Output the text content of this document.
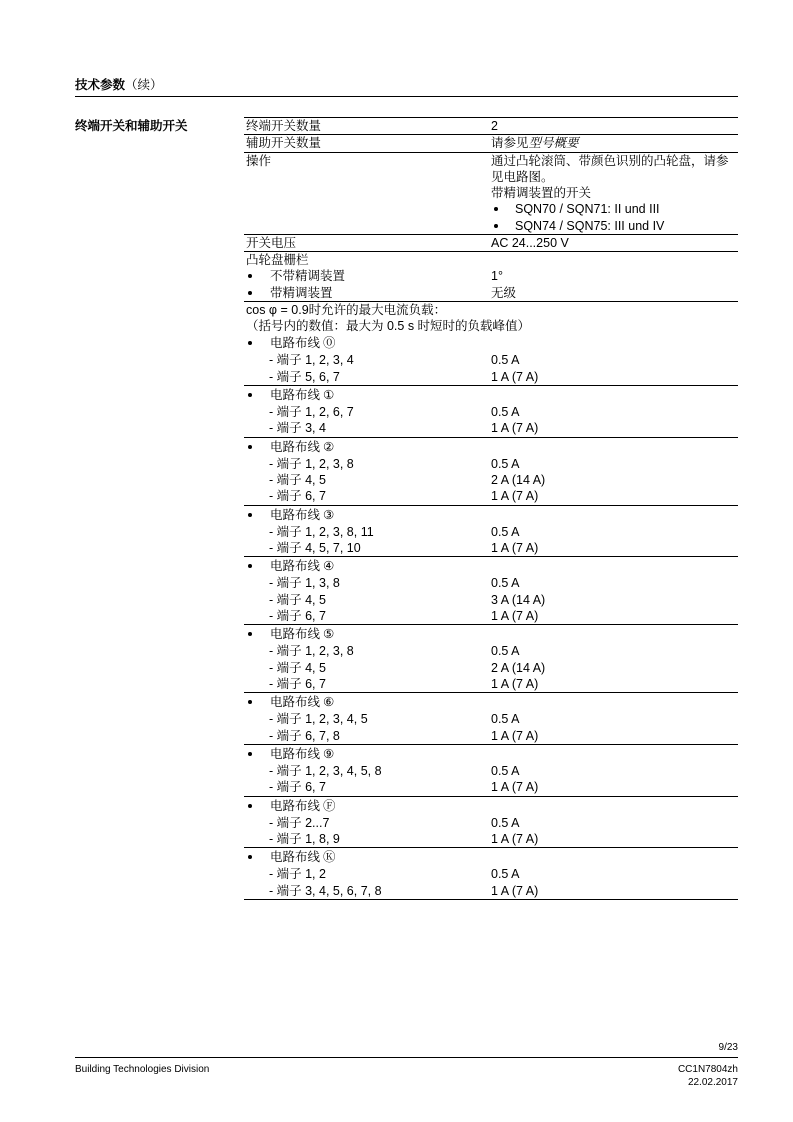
技术参数（续）
终端开关和辅助开关	终端开关数量	2
辅助开关数量	请参见型号概要
操作	通过凸轮滚筒、带颜色识别的凸轮盘，请参见电路图。
带精调装置的开关
SQN70 / SQN71: II und III
SQN74 / SQN75: III und IV
开关电压	AC 24...250 V
凸轮盘栅栏
不带精调装置	1°
带精调装置	无级
cos φ = 0.9时允许的最大电流负载：
（括号内的数值：最大为 0.5 s 时短时的负载峰值）
电路布线 ⓪
- 端子 1, 2, 3, 4	0.5 A
- 端子 5, 6, 7	1 A (7 A)
电路布线 ①
- 端子 1, 2, 6, 7	0.5 A
- 端子 3, 4	1 A (7 A)
电路布线 ②
- 端子 1, 2, 3, 8	0.5 A
- 端子 4, 5	2 A (14 A)
- 端子 6, 7	1 A (7 A)
电路布线 ③
- 端子 1, 2, 3, 8, 11	0.5 A
- 端子 4, 5, 7, 10	1 A (7 A)
电路布线 ④
- 端子 1, 3, 8	0.5 A
- 端子 4, 5	3 A (14 A)
- 端子 6, 7	1 A (7 A)
电路布线 ⑤
- 端子 1, 2, 3, 8	0.5 A
- 端子 4, 5	2 A (14 A)
- 端子 6, 7	1 A (7 A)
电路布线 ⑥
- 端子 1, 2, 3, 4, 5	0.5 A
- 端子 6, 7, 8	1 A (7 A)
电路布线 ⑨
- 端子 1, 2, 3, 4, 5, 8	0.5 A
- 端子 6, 7	1 A (7 A)
电路布线 Ⓕ
- 端子 2...7	0.5 A
- 端子 1, 8, 9	1 A (7 A)
电路布线 Ⓚ
- 端子 1, 2	0.5 A
- 端子 3, 4, 5, 6, 7, 8	1 A (7 A)
9/23
Building Technologies Division	CC1N7804zh
22.02.2017
